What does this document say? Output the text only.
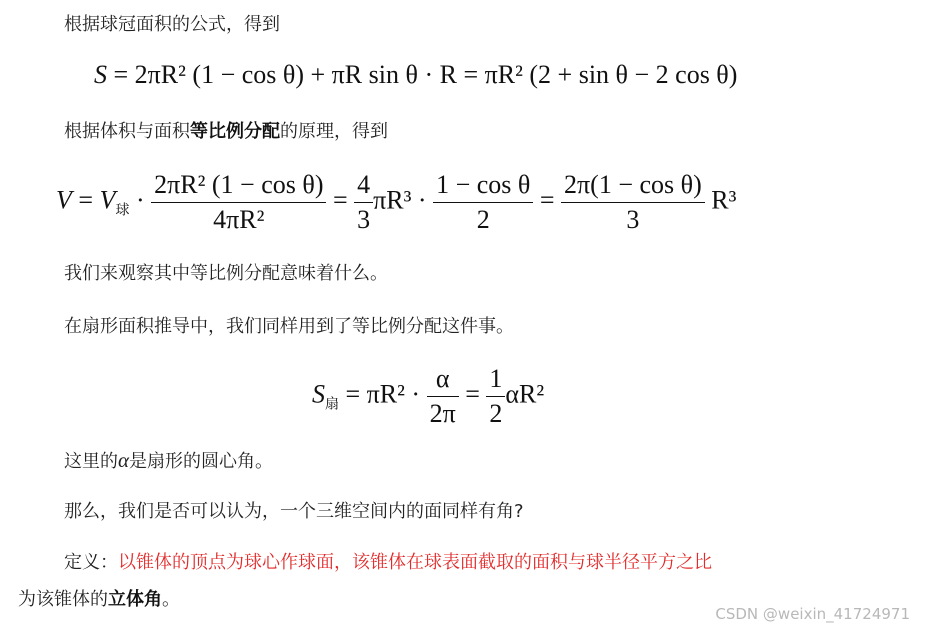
根据球冠面积的公式，得到
S = 2πR² (1 − cos θ) + πR sin θ · R = πR² (2 + sin θ − 2 cos θ)
根据体积与面积等比例分配的原理，得到
$V = V_球 \cdot \frac{\text{2πR² (1 − cos θ)}}{\text{4πR²}} = \frac{4}{3} \pi R^3 \cdot \frac{\text{1 − cos θ}}{2} = \frac{\text{2π(1 − cos θ)}}{3} R^3$
我们来观察其中等比例分配意味着什么。
在扇形面积推导中，我们同样用到了等比例分配这件事。
$S_扇 = \pi R^2 \cdot \frac{\alpha}{2\pi} = \frac{1}{2} \alpha R^2$
这里的α是扇形的圆心角。
那么，我们是否可以认为，一个三维空间内的面同样有角?
定义：以锥体的顶点为球心作球面，该锥体在球表面截取的面积与球半径平方之比
为该锥体的立体角。
CSDN @weixin_41724971
